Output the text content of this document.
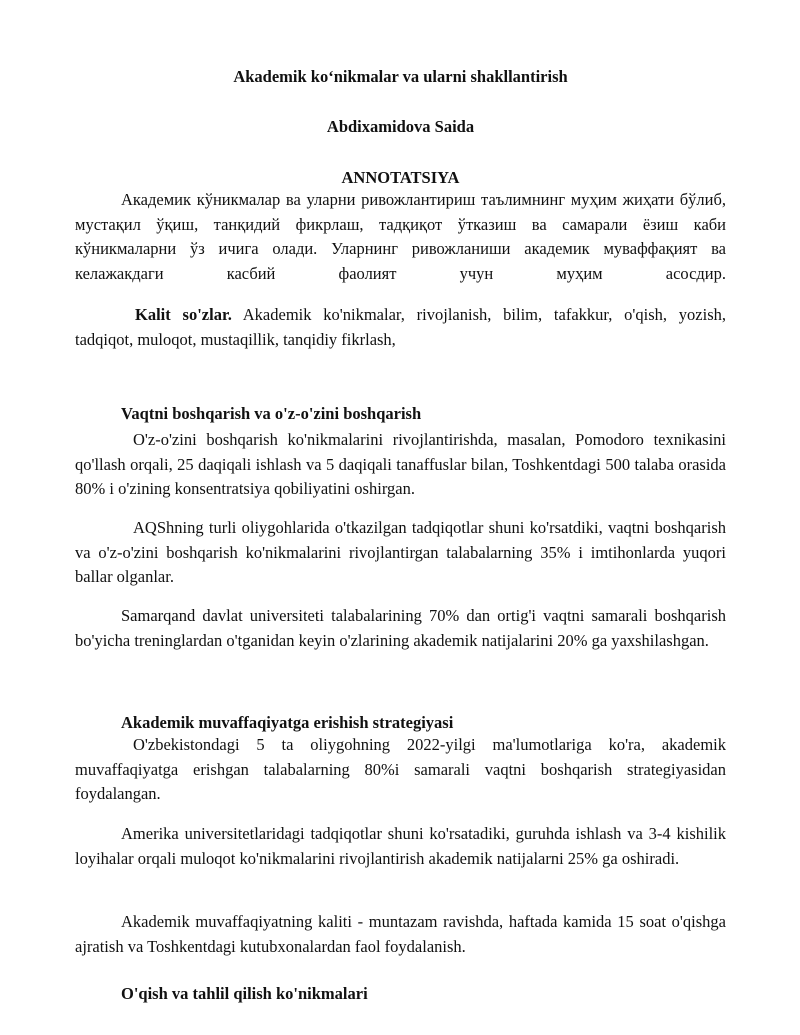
Akademik ko‘nikmalar va ularni shakllantirish
Abdixamidova Saida
ANNOTATSIYA
Академик кўникмалар ва уларни ривожлантириш таълимнинг муҳим жиҳати бўлиб, мустақил ўқиш, танқидий фикрлаш, тадқиқот ўтказиш ва самарали ёзиш каби кўникмаларни ўз ичига олади. Уларнинг ривожланиши академик муваффақият ва келажакдаги касбий фаолият учун муҳим асосдир.
Kalit so'zlar. Akademik ko'nikmalar, rivojlanish, bilim, tafakkur, o'qish, yozish, tadqiqot, muloqot, mustaqillik, tanqidiy fikrlash,
Vaqtni boshqarish va o'z-o'zini boshqarish
O'z-o'zini boshqarish ko'nikmalarini rivojlantirishda, masalan, Pomodoro texnikasini qo'llash orqali, 25 daqiqali ishlash va 5 daqiqali tanaffuslar bilan, Toshkentdagi 500 talaba orasida 80% i o'zining konsentratsiya qobiliyatini oshirgan.
AQShning turli oliygohlarida o'tkazilgan tadqiqotlar shuni ko'rsatdiki, vaqtni boshqarish va o'z-o'zini boshqarish ko'nikmalarini rivojlantirgan talabalarning 35% i imtihonlarda yuqori ballar olganlar.
Samarqand davlat universiteti talabalarining 70% dan ortig'i vaqtni samarali boshqarish bo'yicha treninglardan o'tganidan keyin o'zlarining akademik natijalarini 20% ga yaxshilashgan.
Akademik muvaffaqiyatga erishish strategiyasi
O'zbekistondagi 5 ta oliygohning 2022-yilgi ma'lumotlariga ko'ra, akademik muvaffaqiyatga erishgan talabalarning 80%i samarali vaqtni boshqarish strategiyasidan foydalangan.
Amerika universitetlaridagi tadqiqotlar shuni ko'rsatadiki, guruhda ishlash va 3-4 kishilik loyihalar orqali muloqot ko'nikmalarini rivojlantirish akademik natijalarni 25% ga oshiradi.
Akademik muvaffaqiyatning kaliti - muntazam ravishda, haftada kamida 15 soat o'qishga ajratish va Toshkentdagi kutubxonalardan faol foydalanish.
O'qish va tahlil qilish ko'nikmalari
